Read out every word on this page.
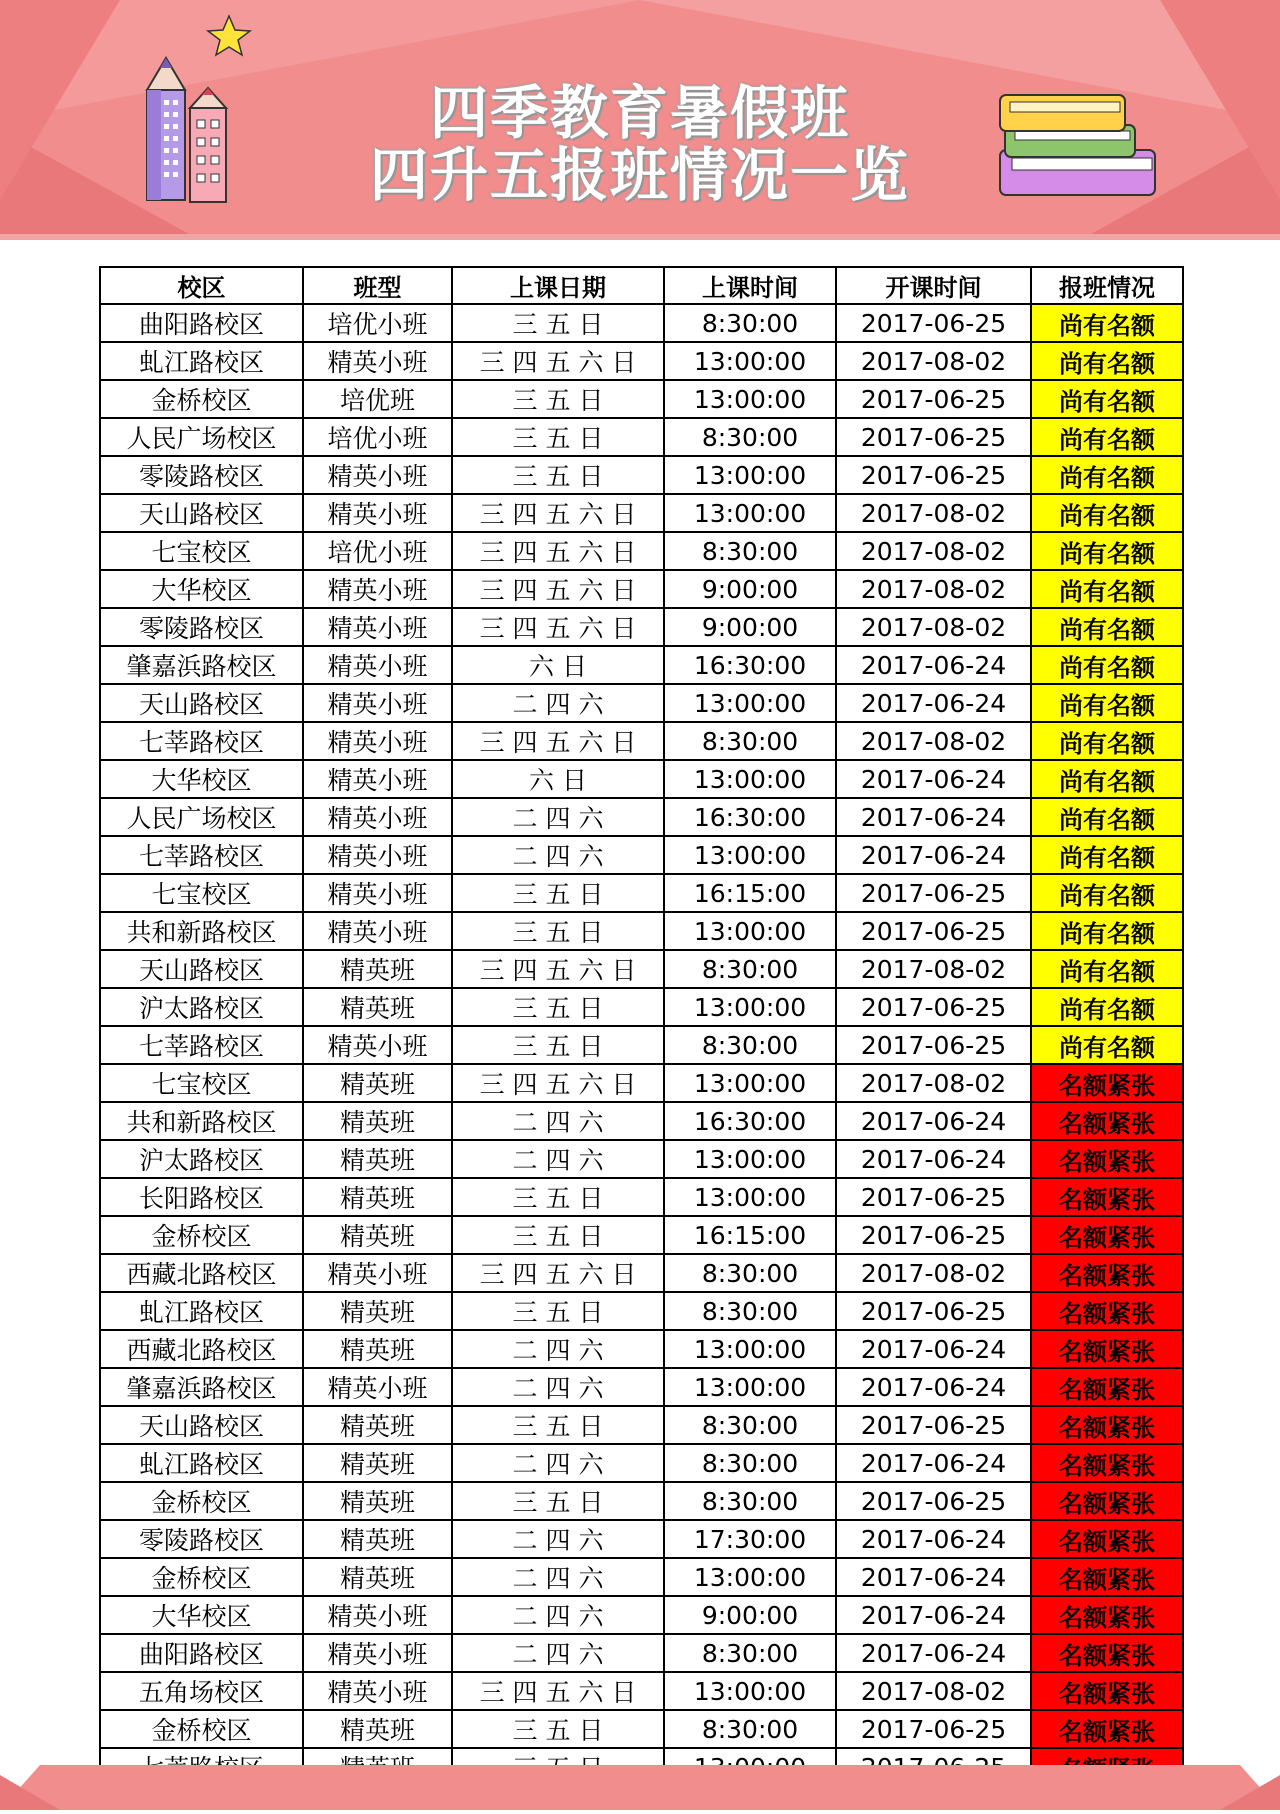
四季教育暑假班
四升五报班情况一览
校区	班型	上课日期	上课时间	开课时间	报班情况
曲阳路校区	培优小班	三 五 日	8:30:00	2017-06-25	尚有名额
虬江路校区	精英小班	三 四 五 六 日	13:00:00	2017-08-02	尚有名额
金桥校区	培优班	三 五 日	13:00:00	2017-06-25	尚有名额
人民广场校区	培优小班	三 五 日	8:30:00	2017-06-25	尚有名额
零陵路校区	精英小班	三 五 日	13:00:00	2017-06-25	尚有名额
天山路校区	精英小班	三 四 五 六 日	13:00:00	2017-08-02	尚有名额
七宝校区	培优小班	三 四 五 六 日	8:30:00	2017-08-02	尚有名额
大华校区	精英小班	三 四 五 六 日	9:00:00	2017-08-02	尚有名额
零陵路校区	精英小班	三 四 五 六 日	9:00:00	2017-08-02	尚有名额
肇嘉浜路校区	精英小班	六 日	16:30:00	2017-06-24	尚有名额
天山路校区	精英小班	二 四 六	13:00:00	2017-06-24	尚有名额
七莘路校区	精英小班	三 四 五 六 日	8:30:00	2017-08-02	尚有名额
大华校区	精英小班	六 日	13:00:00	2017-06-24	尚有名额
人民广场校区	精英小班	二 四 六	16:30:00	2017-06-24	尚有名额
七莘路校区	精英小班	二 四 六	13:00:00	2017-06-24	尚有名额
七宝校区	精英小班	三 五 日	16:15:00	2017-06-25	尚有名额
共和新路校区	精英小班	三 五 日	13:00:00	2017-06-25	尚有名额
天山路校区	精英班	三 四 五 六 日	8:30:00	2017-08-02	尚有名额
沪太路校区	精英班	三 五 日	13:00:00	2017-06-25	尚有名额
七莘路校区	精英小班	三 五 日	8:30:00	2017-06-25	尚有名额
七宝校区	精英班	三 四 五 六 日	13:00:00	2017-08-02	名额紧张
共和新路校区	精英班	二 四 六	16:30:00	2017-06-24	名额紧张
沪太路校区	精英班	二 四 六	13:00:00	2017-06-24	名额紧张
长阳路校区	精英班	三 五 日	13:00:00	2017-06-25	名额紧张
金桥校区	精英班	三 五 日	16:15:00	2017-06-25	名额紧张
西藏北路校区	精英小班	三 四 五 六 日	8:30:00	2017-08-02	名额紧张
虬江路校区	精英班	三 五 日	8:30:00	2017-06-25	名额紧张
西藏北路校区	精英班	二 四 六	13:00:00	2017-06-24	名额紧张
肇嘉浜路校区	精英小班	二 四 六	13:00:00	2017-06-24	名额紧张
天山路校区	精英班	三 五 日	8:30:00	2017-06-25	名额紧张
虬江路校区	精英班	二 四 六	8:30:00	2017-06-24	名额紧张
金桥校区	精英班	三 五 日	8:30:00	2017-06-25	名额紧张
零陵路校区	精英班	二 四 六	17:30:00	2017-06-24	名额紧张
金桥校区	精英班	二 四 六	13:00:00	2017-06-24	名额紧张
大华校区	精英小班	二 四 六	9:00:00	2017-06-24	名额紧张
曲阳路校区	精英小班	二 四 六	8:30:00	2017-06-24	名额紧张
五角场校区	精英小班	三 四 五 六 日	13:00:00	2017-08-02	名额紧张
金桥校区	精英班	三 五 日	8:30:00	2017-06-25	名额紧张
